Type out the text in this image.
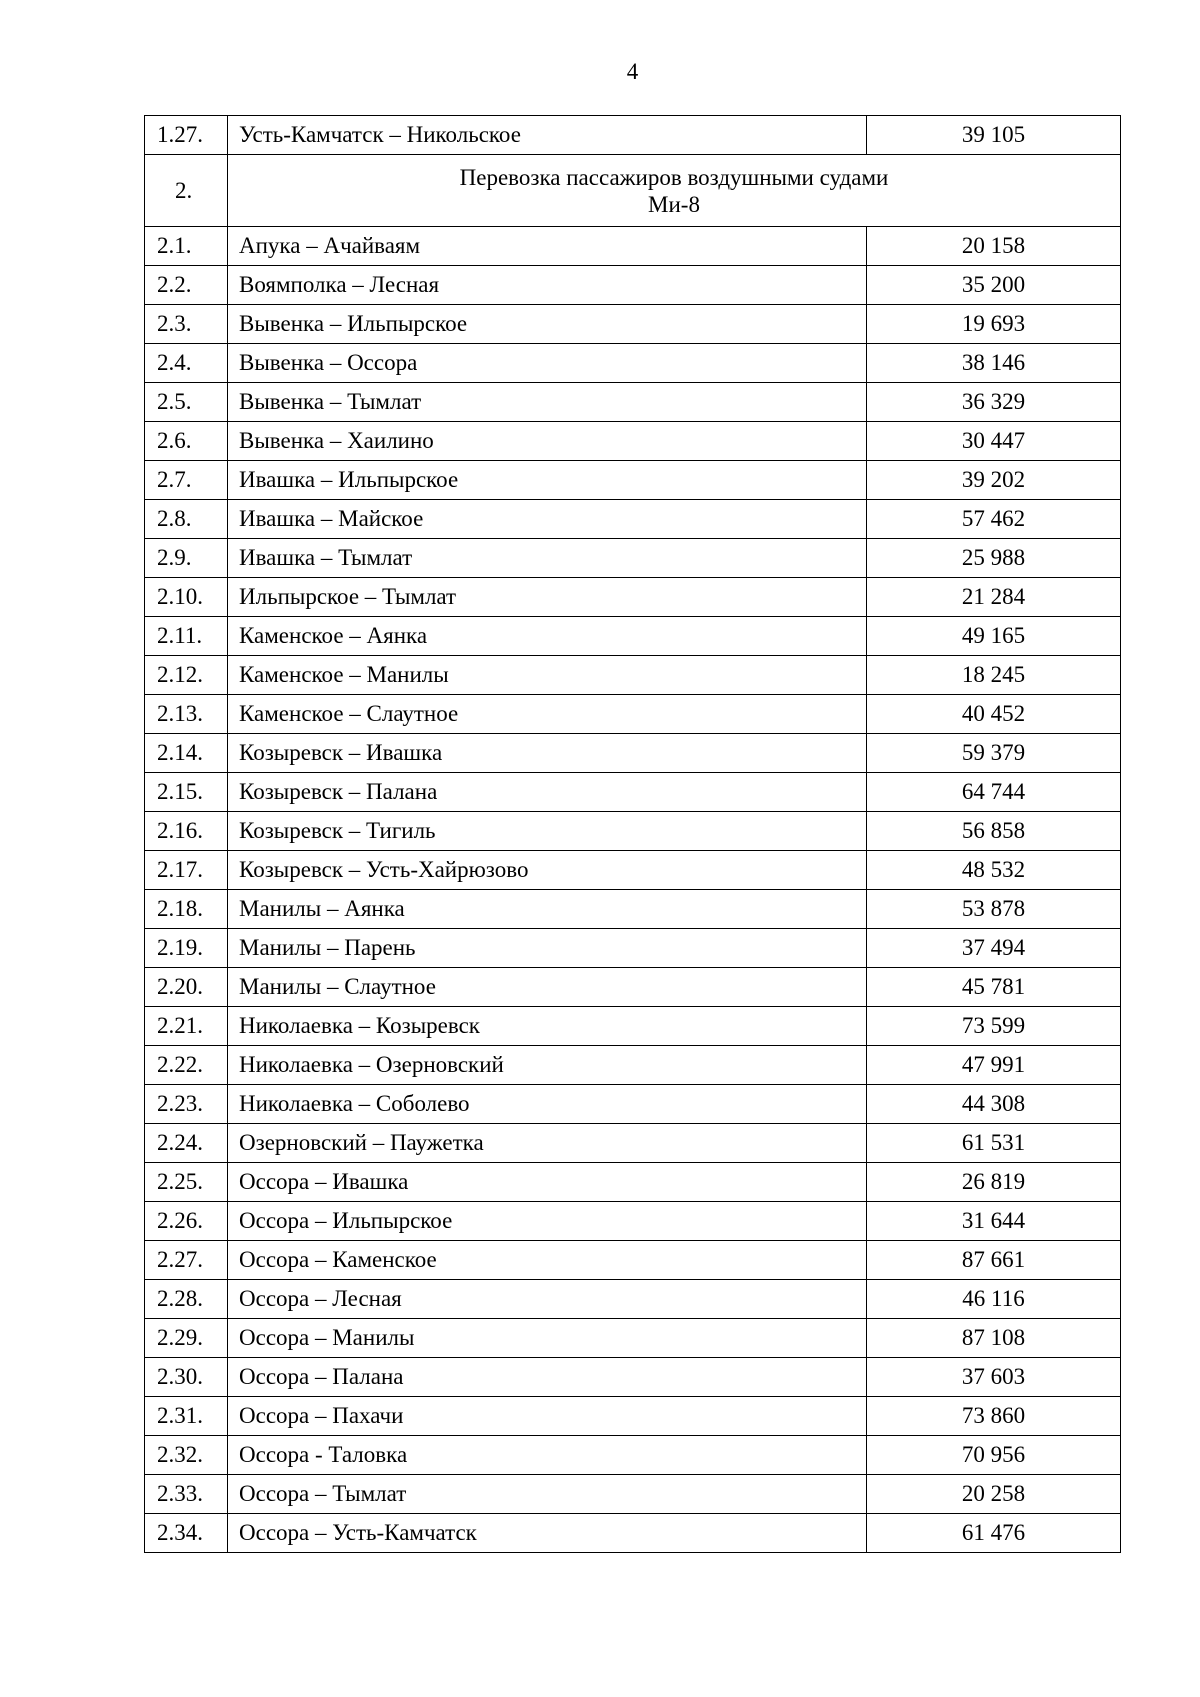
4
1.27.	Усть-Камчатск – Никольское	39 105
2.	Перевозка пассажиров воздушными судами
Ми-8	

2.1.	Апука – Ачайваям	20 158
2.2.	Воямполка – Лесная	35 200
2.3.	Вывенка – Ильпырское	19 693
2.4.	Вывенка – Оссора	38 146
2.5.	Вывенка – Тымлат	36 329
2.6.	Вывенка – Хаилино	30 447
2.7.	Ивашка – Ильпырское	39 202
2.8.	Ивашка – Майское	57 462
2.9.	Ивашка – Тымлат	25 988
2.10.	Ильпырское – Тымлат	21 284
2.11.	Каменское – Аянка	49 165
2.12.	Каменское – Манилы	18 245
2.13.	Каменское – Слаутное	40 452
2.14.	Козыревск – Ивашка	59 379
2.15.	Козыревск – Палана	64 744
2.16.	Козыревск – Тигиль	56 858
2.17.	Козыревск – Усть-Хайрюзово	48 532
2.18.	Манилы – Аянка	53 878
2.19.	Манилы – Парень	37 494
2.20.	Манилы – Слаутное	45 781
2.21.	Николаевка – Козыревск	73 599
2.22.	Николаевка – Озерновский	47 991
2.23.	Николаевка – Соболево	44 308
2.24.	Озерновский – Паужетка	61 531
2.25.	Оссора – Ивашка	26 819
2.26.	Оссора – Ильпырское	31 644
2.27.	Оссора – Каменское	87 661
2.28.	Оссора – Лесная	46 116
2.29.	Оссора – Манилы	87 108
2.30.	Оссора – Палана	37 603
2.31.	Оссора – Пахачи	73 860
2.32.	Оссора - Таловка	70 956
2.33.	Оссора – Тымлат	20 258
2.34.	Оссора – Усть-Камчатск	61 476
